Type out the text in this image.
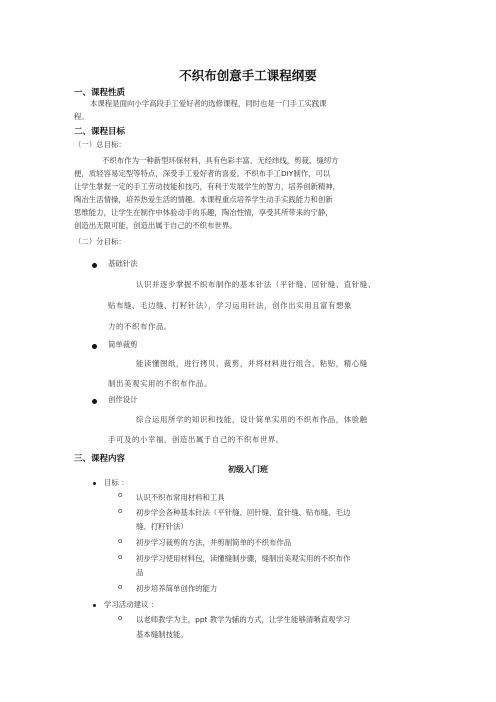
不织布创意手工课程纲要
一、课程性质
本课程是面向小学高段手工爱好者的选修课程，同时也是一门手工实践课
程。
二、课程目标
（一）总目标：
不织布作为一种新型环保材料，具有色彩丰富、无经纬线，剪裁、缝纫方
便，质轻容易定型等特点，深受手工爱好者的喜爱。不织布手工DIY制作，可以
让学生掌握一定的手工劳动技能和技巧，有利于发展学生的智力，培养创新精神，
陶冶生活情操，培养热爱生活的情趣。本课程重点培养学生动手实践能力和创新
思维能力，让学生在制作中体验动手的乐趣，陶冶性情，享受其所带来的宁静，
创造出无限可能，创造出属于自己的不织布世界。
（二）分目标：
基础针法
认识并逐步掌握不织布制作的基本针法（平针缝、回针缝、直针缝、
贴布缝、毛边缝、打籽针法），学习运用针法，创作出实用且富有想象
力的不织布作品。
简单裁剪
能读懂图纸，进行拷贝、裁剪，并将材料进行组合、粘贴，精心缝
制出美观实用的不织布作品。
创作设计
综合运用所学的知识和技能，设计简单实用的不织布作品，体验触
手可及的小幸福，创造出属于自己的不织布世界。
三、课程内容
初级入门班
目标 ：
o 认识不织布常用材料和工具
o 初步学会各种基本针法（平针缝、回针缝、直针缝、贴布缝、毛边
缝、打籽针法）
o 初步学习裁剪的方法，并剪制简单的不织布作品
o 初步学习使用材料包，读懂缝制步骤，缝制出美观实用的不织布作
品
o 初步培养简单创作的能力
学习活动建议 ：
o 以老师教学为主，ppt 教学为辅的方式，让学生能够清晰直观学习
基本缝制技能。
